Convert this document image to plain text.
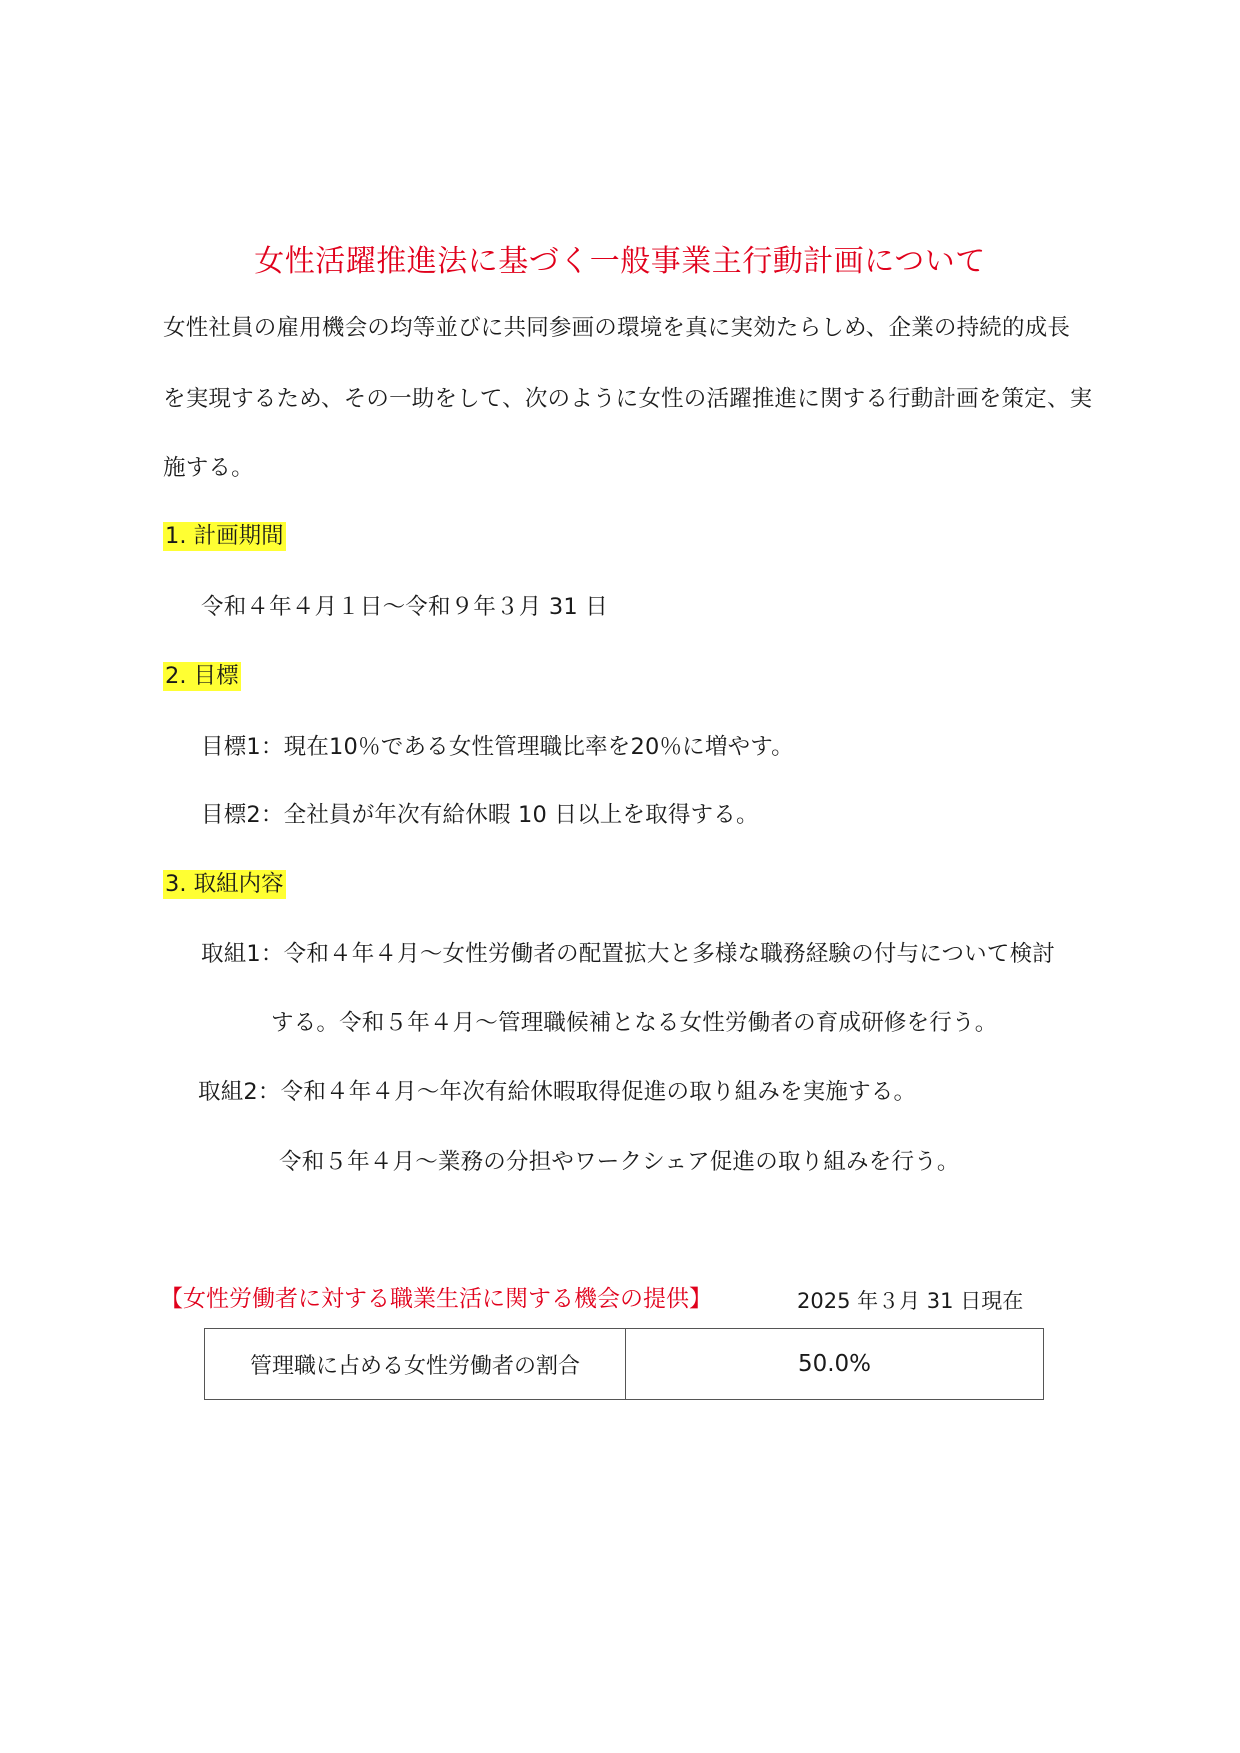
女性活躍推進法に基づく一般事業主行動計画について
女性社員の雇用機会の均等並びに共同参画の環境を真に実効たらしめ、企業の持続的成長
を実現するため、その一助をして、次のように女性の活躍推進に関する行動計画を策定、実
施する。
1. 計画期間
令和４年４月１日～令和９年３月 31 日
2. 目標
目標1：現在10％である女性管理職比率を20％に増やす。
目標2：全社員が年次有給休暇 10 日以上を取得する。
3. 取組内容
取組1：令和４年４月～女性労働者の配置拡大と多様な職務経験の付与について検討
する。令和５年４月～管理職候補となる女性労働者の育成研修を行う。
取組2：令和４年４月～年次有給休暇取得促進の取り組みを実施する。
令和５年４月～業務の分担やワークシェア促進の取り組みを行う。
【女性労働者に対する職業生活に関する機会の提供】	2025 年３月 31 日現在
管理職に占める女性労働者の割合	50.0%
